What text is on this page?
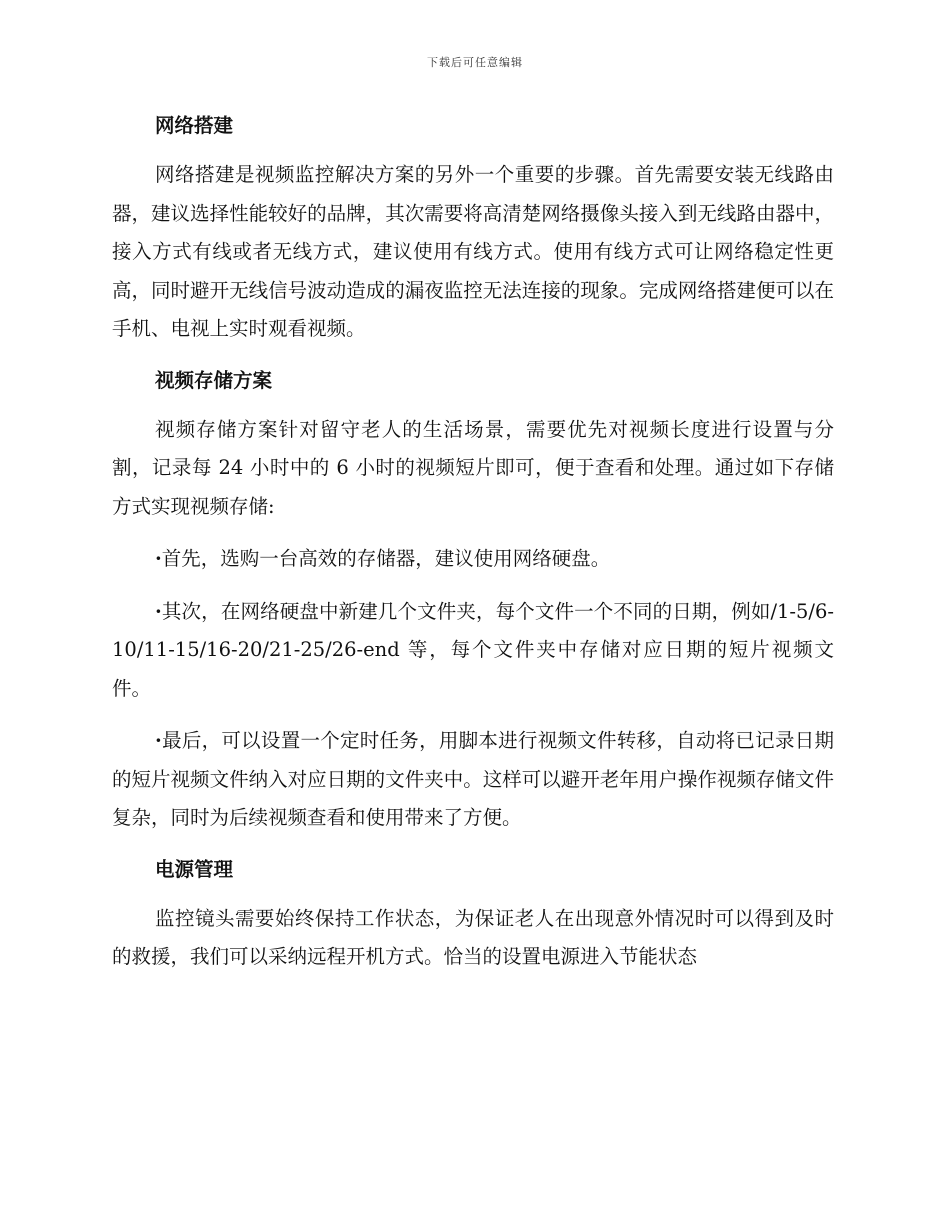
下载后可任意编辑
网络搭建

网络搭建是视频监控解决方案的另外一个重要的步骤。首先需要安装无线路由器，建议选择性能较好的品牌，其次需要将高清楚网络摄像头接入到无线路由器中，接入方式有线或者无线方式，建议使用有线方式。使用有线方式可让网络稳定性更高，同时避开无线信号波动造成的漏夜监控无法连接的现象。完成网络搭建便可以在手机、电视上实时观看视频。

视频存储方案

视频存储方案针对留守老人的生活场景，需要优先对视频长度进行设置与分割，记录每 24 小时中的 6 小时的视频短片即可，便于查看和处理。通过如下存储方式实现视频存储:

·首先，选购一台高效的存储器，建议使用网络硬盘。

·其次，在网络硬盘中新建几个文件夹，每个文件一个不同的日期，例如/1-5/6-10/11-15/16-20/21-25/26-end 等，每个文件夹中存储对应日期的短片视频文件。

·最后，可以设置一个定时任务，用脚本进行视频文件转移，自动将已记录日期的短片视频文件纳入对应日期的文件夹中。这样可以避开老年用户操作视频存储文件复杂，同时为后续视频查看和使用带来了方便。

电源管理

监控镜头需要始终保持工作状态，为保证老人在出现意外情况时可以得到及时的救援，我们可以采纳远程开机方式。恰当的设置电源进入节能状态
